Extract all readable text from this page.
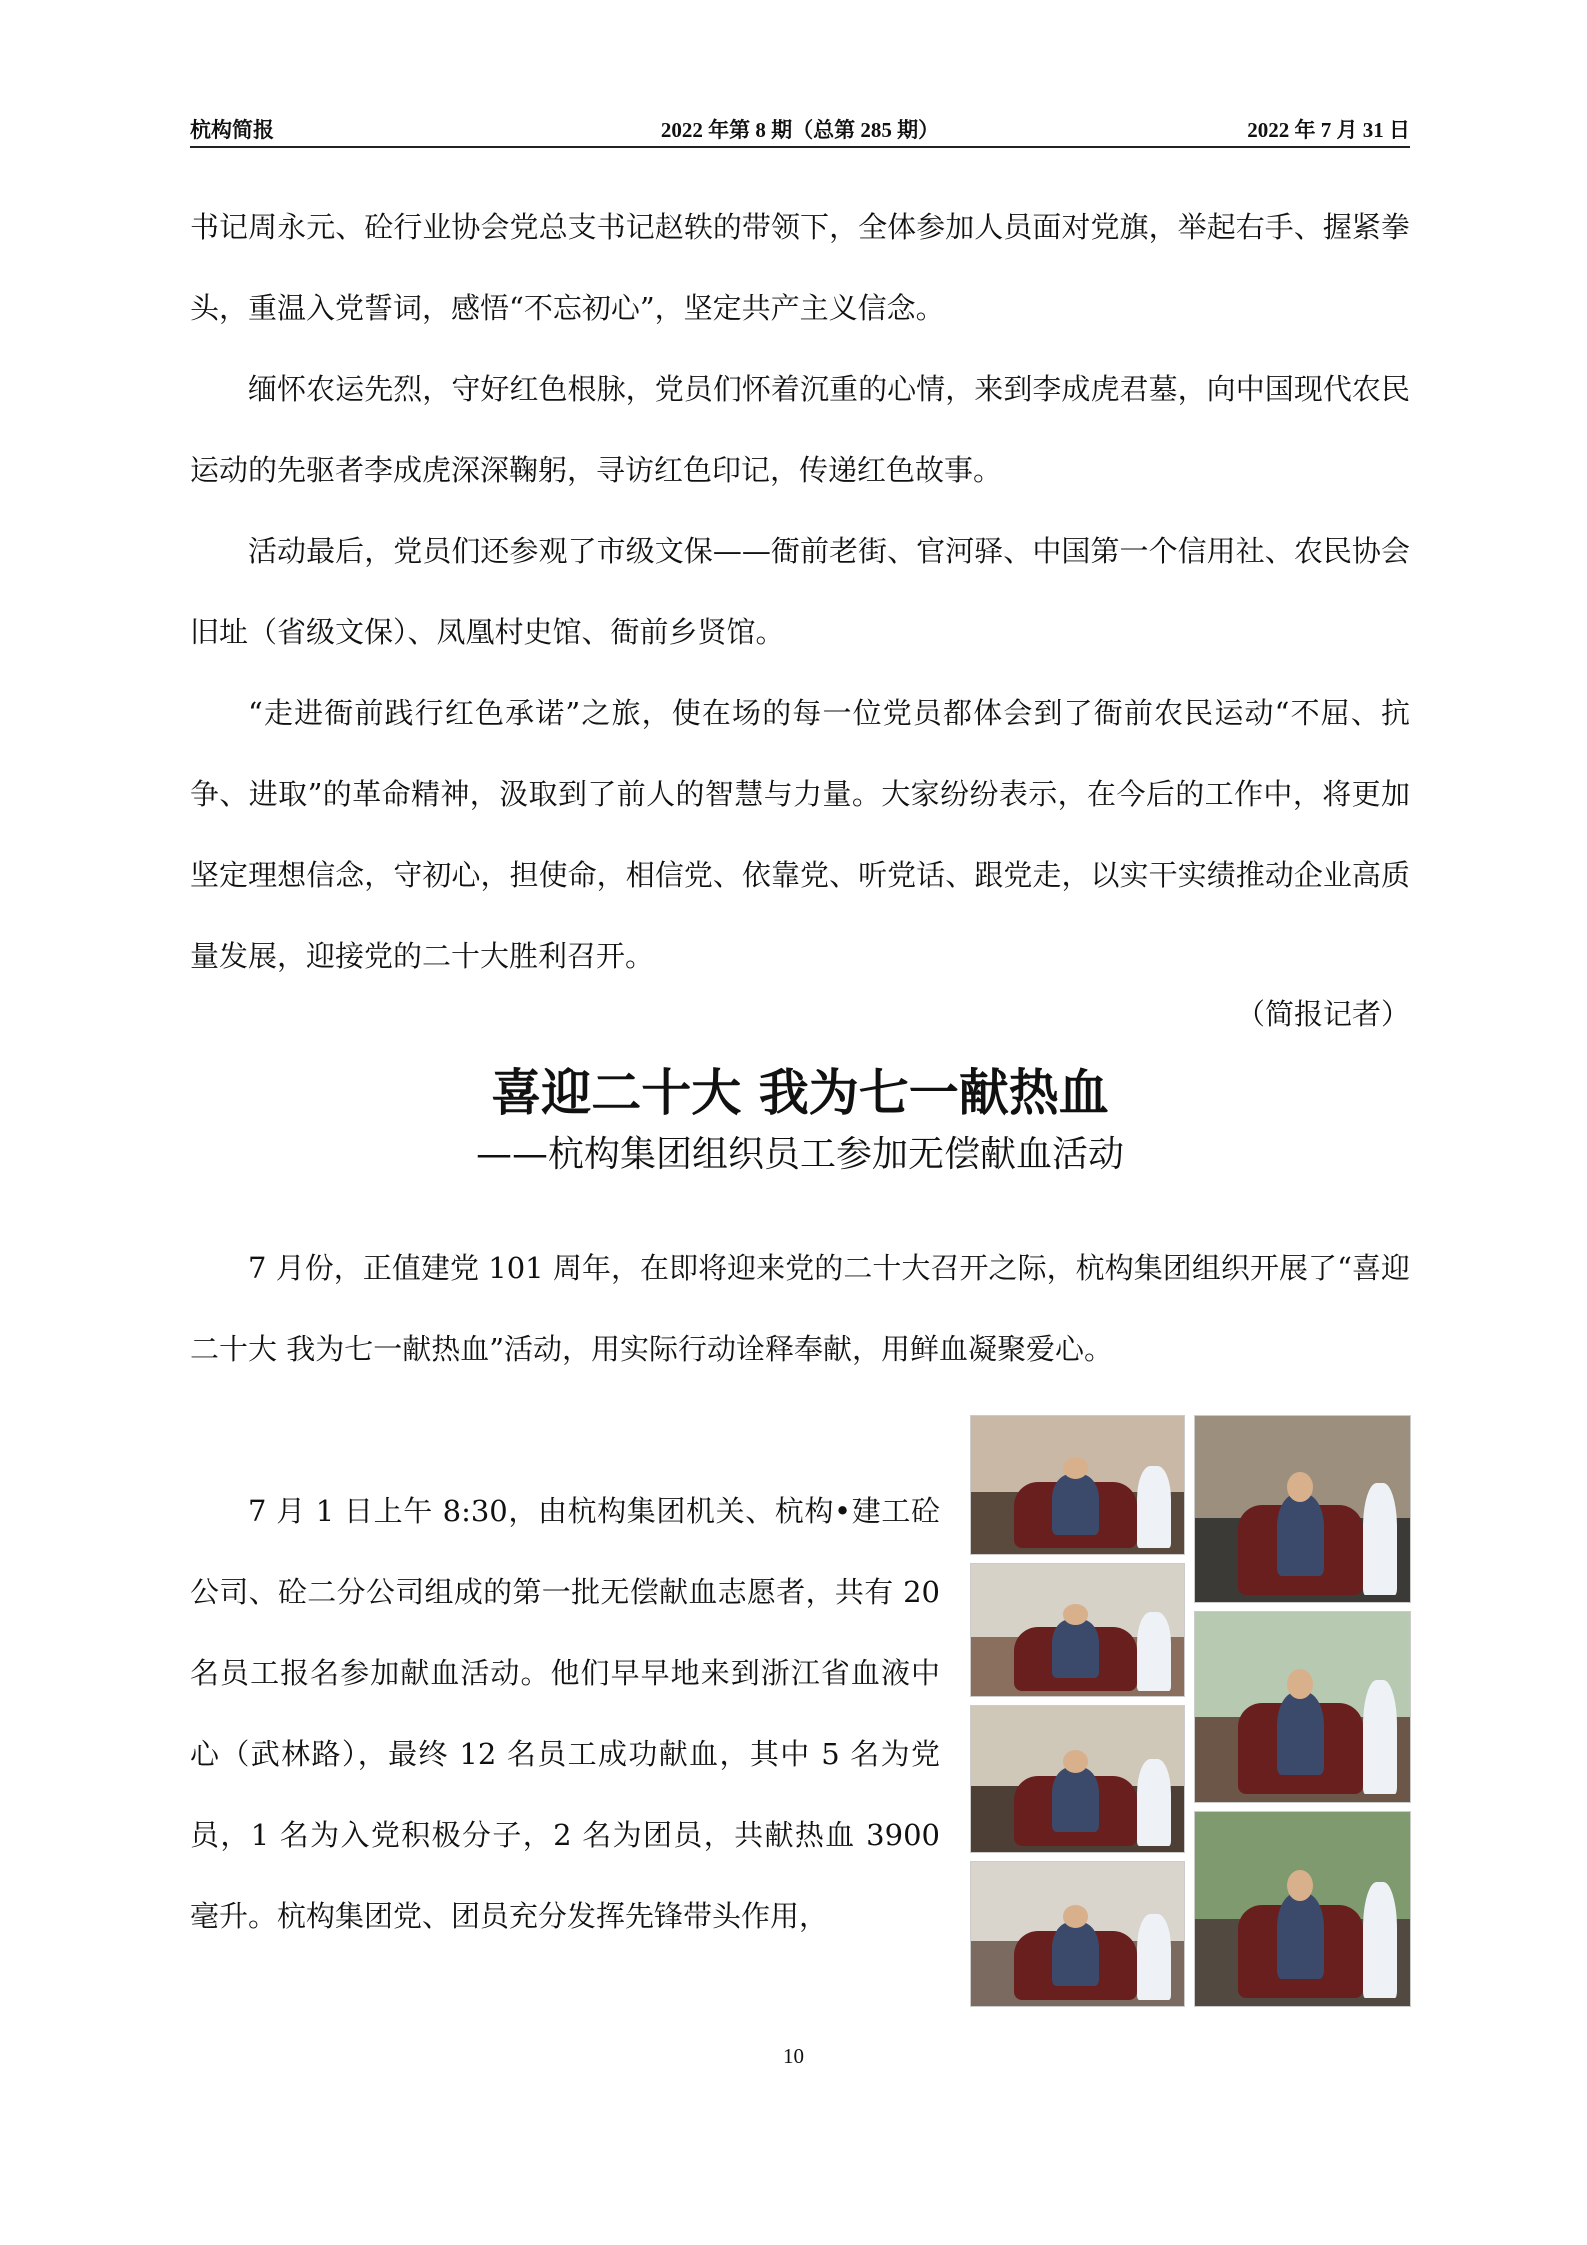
杭构简报	2022 年第 8 期（总第 285 期）	2022 年 7 月 31 日

书记周永元、砼行业协会党总支书记赵轶的带领下，全体参加人员面对党旗，举起右手、握紧拳头，重温入党誓词，感悟“不忘初心”，坚定共产主义信念。

缅怀农运先烈，守好红色根脉，党员们怀着沉重的心情，来到李成虎君墓，向中国现代农民运动的先驱者李成虎深深鞠躬，寻访红色印记，传递红色故事。

活动最后，党员们还参观了市级文保——衙前老街、官河驿、中国第一个信用社、农民协会旧址（省级文保）、凤凰村史馆、衙前乡贤馆。

“走进衙前践行红色承诺”之旅，使在场的每一位党员都体会到了衙前农民运动“不屈、抗争、进取”的革命精神，汲取到了前人的智慧与力量。大家纷纷表示，在今后的工作中，将更加坚定理想信念，守初心，担使命，相信党、依靠党、听党话、跟党走，以实干实绩推动企业高质量发展，迎接党的二十大胜利召开。

（简报记者）
喜迎二十大 我为七一献热血
——杭构集团组织员工参加无偿献血活动

7 月份，正值建党 101 周年，在即将迎来党的二十大召开之际，杭构集团组织开展了“喜迎二十大 我为七一献热血”活动，用实际行动诠释奉献，用鲜血凝聚爱心。

7 月 1 日上午 8:30，由杭构集团机关、杭构•建工砼公司、砼二分公司组成的第一批无偿献血志愿者，共有 20 名员工报名参加献血活动。他们早早地来到浙江省血液中心（武林路），最终 12 名员工成功献血，其中 5 名为党员，1 名为入党积极分子，2 名为团员，共献热血 3900 毫升。杭构集团党、团员充分发挥先锋带头作用，

10
